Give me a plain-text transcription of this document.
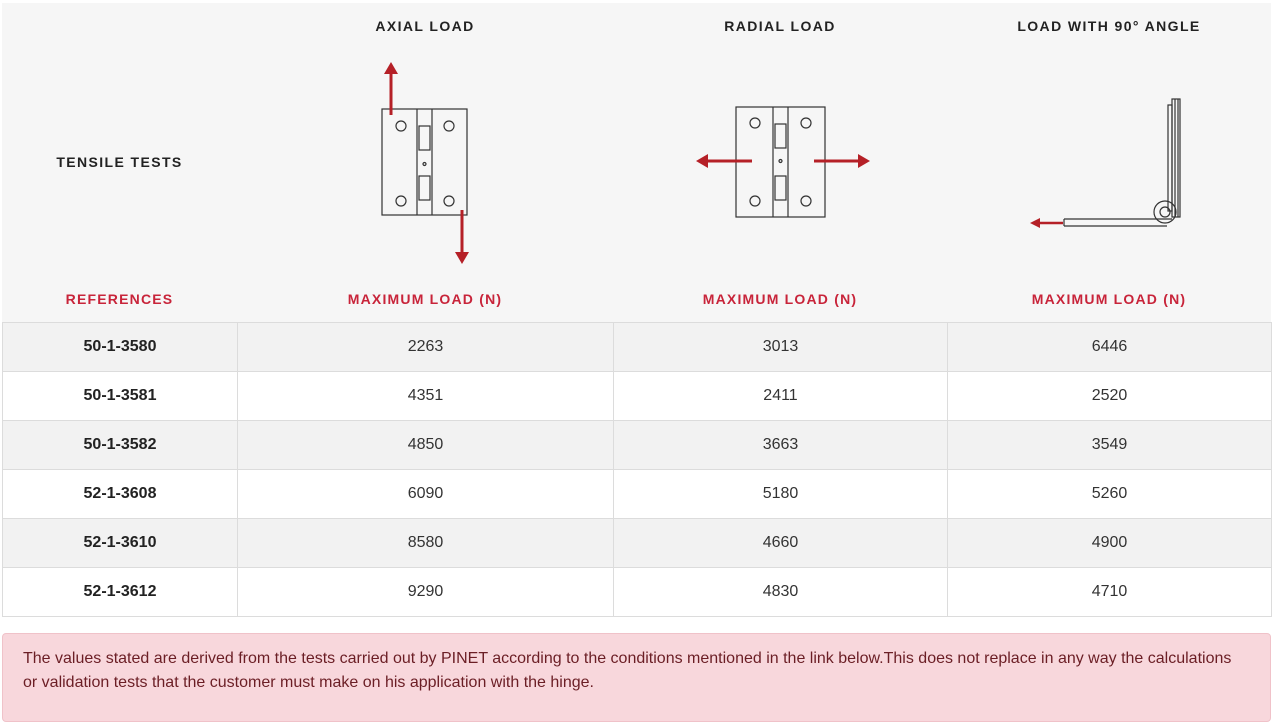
AXIAL LOAD	RADIAL LOAD	LOAD WITH 90° ANGLE
TENSILE TESTS
REFERENCES	MAXIMUM LOAD (N)	MAXIMUM LOAD (N)	MAXIMUM LOAD (N)
50-1-3580	2263	3013	6446
50-1-3581	4351	2411	2520
50-1-3582	4850	3663	3549
52-1-3608	6090	5180	5260
52-1-3610	8580	4660	4900
52-1-3612	9290	4830	4710
The values stated are derived from the tests carried out by PINET according to the conditions mentioned in the link below.This does not replace in any way the calculations or validation tests that the customer must make on his application with the hinge.
